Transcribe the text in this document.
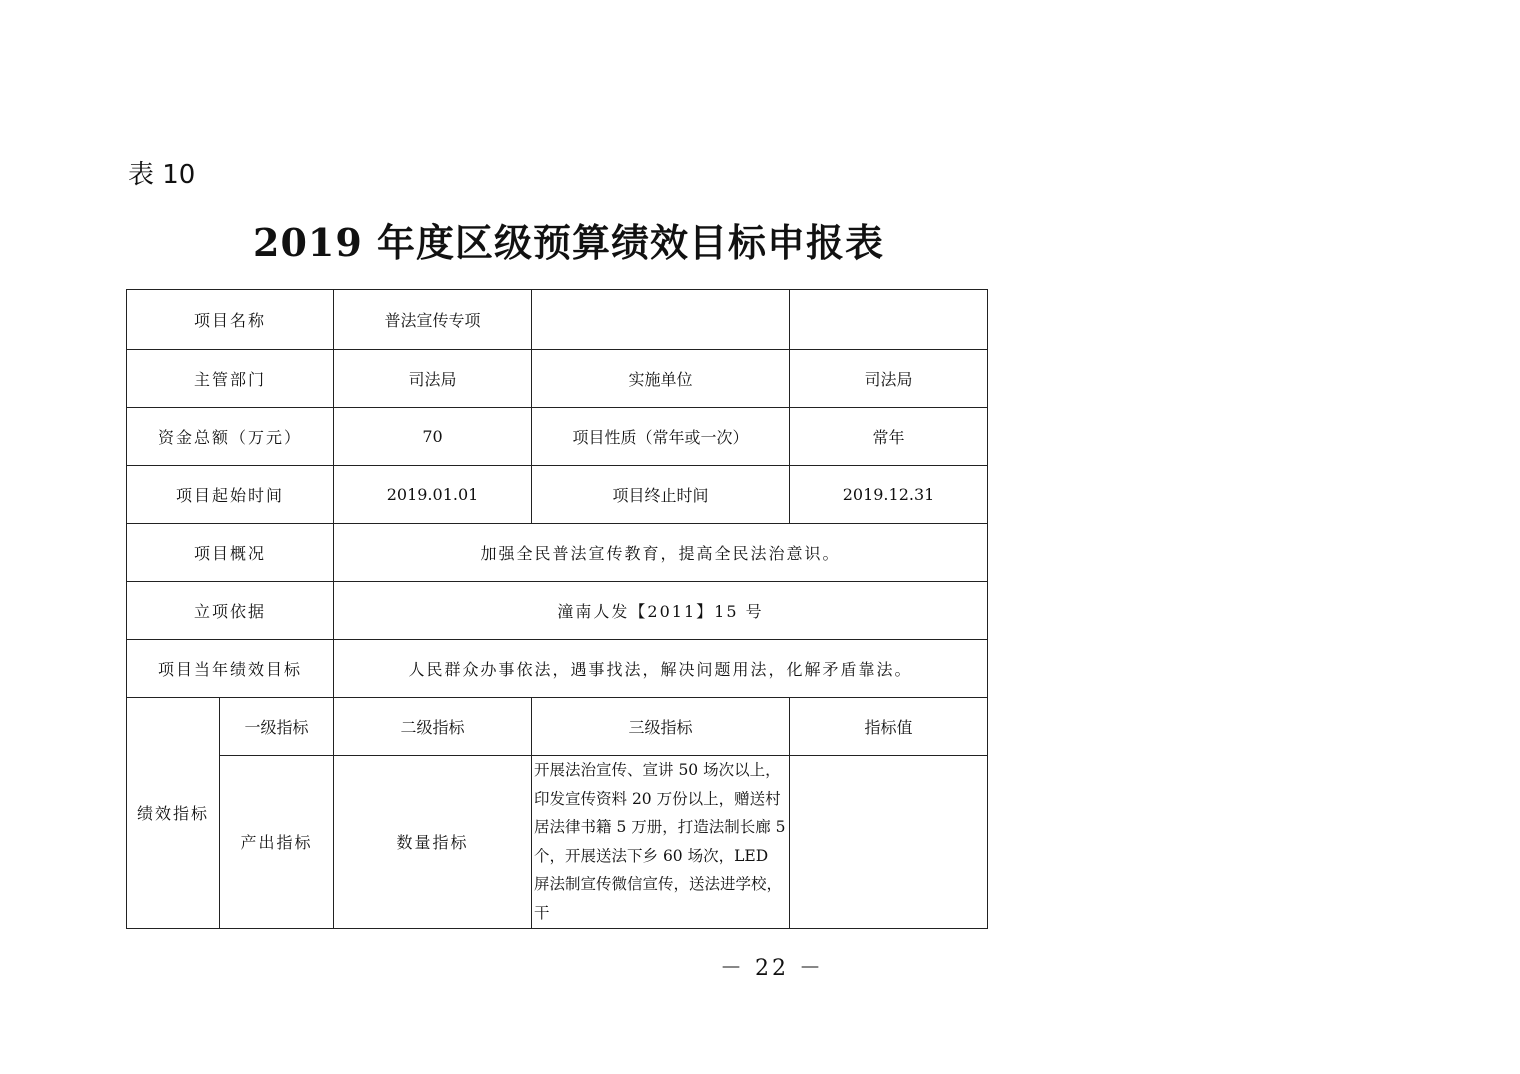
表 10
2019 年度区级预算绩效目标申报表
项目名称		普法宣传专项		
主管部门		司法局	实施单位	司法局
资金总额（万元）		70	项目性质（常年或一次）	常年
项目起始时间		2019.01.01	项目终止时间	2019.12.31
项目概况		加强全民普法宣传教育，提高全民法治意识。		
立项依据		潼南人发【2011】15 号		
项目当年绩效目标		人民群众办事依法，遇事找法，解决问题用法，化解矛盾靠法。		
绩效指标	一级指标	二级指标	三级指标	指标值
	产出指标	数量指标	开展法治宣传、宣讲 50 场次以上，印发宣传资料 20 万份以上，赠送村居法律书籍 5 万册，打造法制长廊 5 个，开展送法下乡 60 场次，LED 屏法制宣传微信宣传，送法进学校，干	
－ 22 －
